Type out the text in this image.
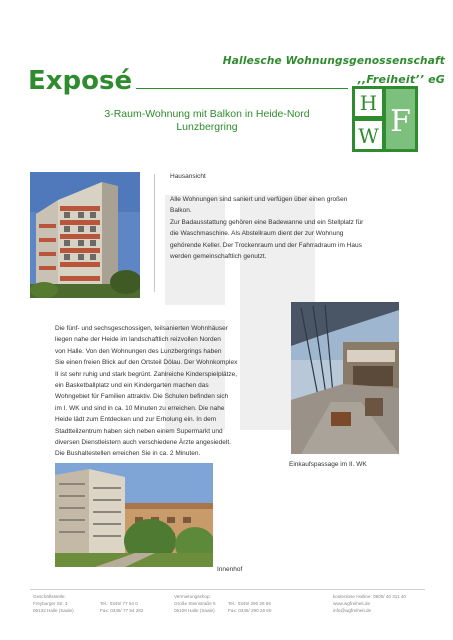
Hallesche Wohnungsgenossenschaft
,,Freiheit’’ eG
Exposé
3-Raum-Wohnung mit Balkon in Heide-Nord
Lunzbergring
H
W F
Hausansicht
Alle Wohnungen sind saniert und verfügen über einen großen
Balkon.
Zur Badausstattung gehören eine Badewanne und ein Stellplatz für
die Waschmaschine. Als Abstellraum dient der zur Wohnung
gehörende Keller. Der Trockenraum und der Fahrradraum im Haus
werden gemeinschaftlich genutzt.
Die fünf- und sechsgeschossigen, teilsanierten Wohnhäuser
liegen nahe der Heide im landschaftlich reizvollen Norden
von Halle. Von den Wohnungen des Lunzbergrings haben
Sie einen freien Blick auf den Ortsteil Dölau. Der Wohnkomplex
II ist sehr ruhig und stark begrünt. Zahlreiche Kinderspielplätze,
ein Basketballplatz und ein Kindergarten machen das
Wohngebiet für Familien attraktiv. Die Schulen befinden sich
im I. WK und sind in ca. 10 Minuten zu erreichen. Die nahe
Heide lädt zum Entdecken und zur Erholung ein. In dem
Stadtteilzentrum haben sich neben einem Supermarkt und
diversen Dienstleistern auch verschiedene Ärzte angesiedelt.
Die Bushaltestellen erreichen Sie in ca. 2 Minuten.
Einkaufspassage im II. WK
Innenhof
Geschäftsstelle:
Freyburger Str. 3
06132 Halle (Saale)

Tel.: 0345/ 77 54 0
Fax: 0345/ 77 54 292
Vermietungsshop:
Große Steinstraße 5
06108 Halle (Saale)

Tel.: 0345/ 290 26 66
Fax: 0345/ 290 26 60
kostenlose Hotline: 0800/ 40 311 40
www.wgfreiheit.de
info@wgfreiheit.de
